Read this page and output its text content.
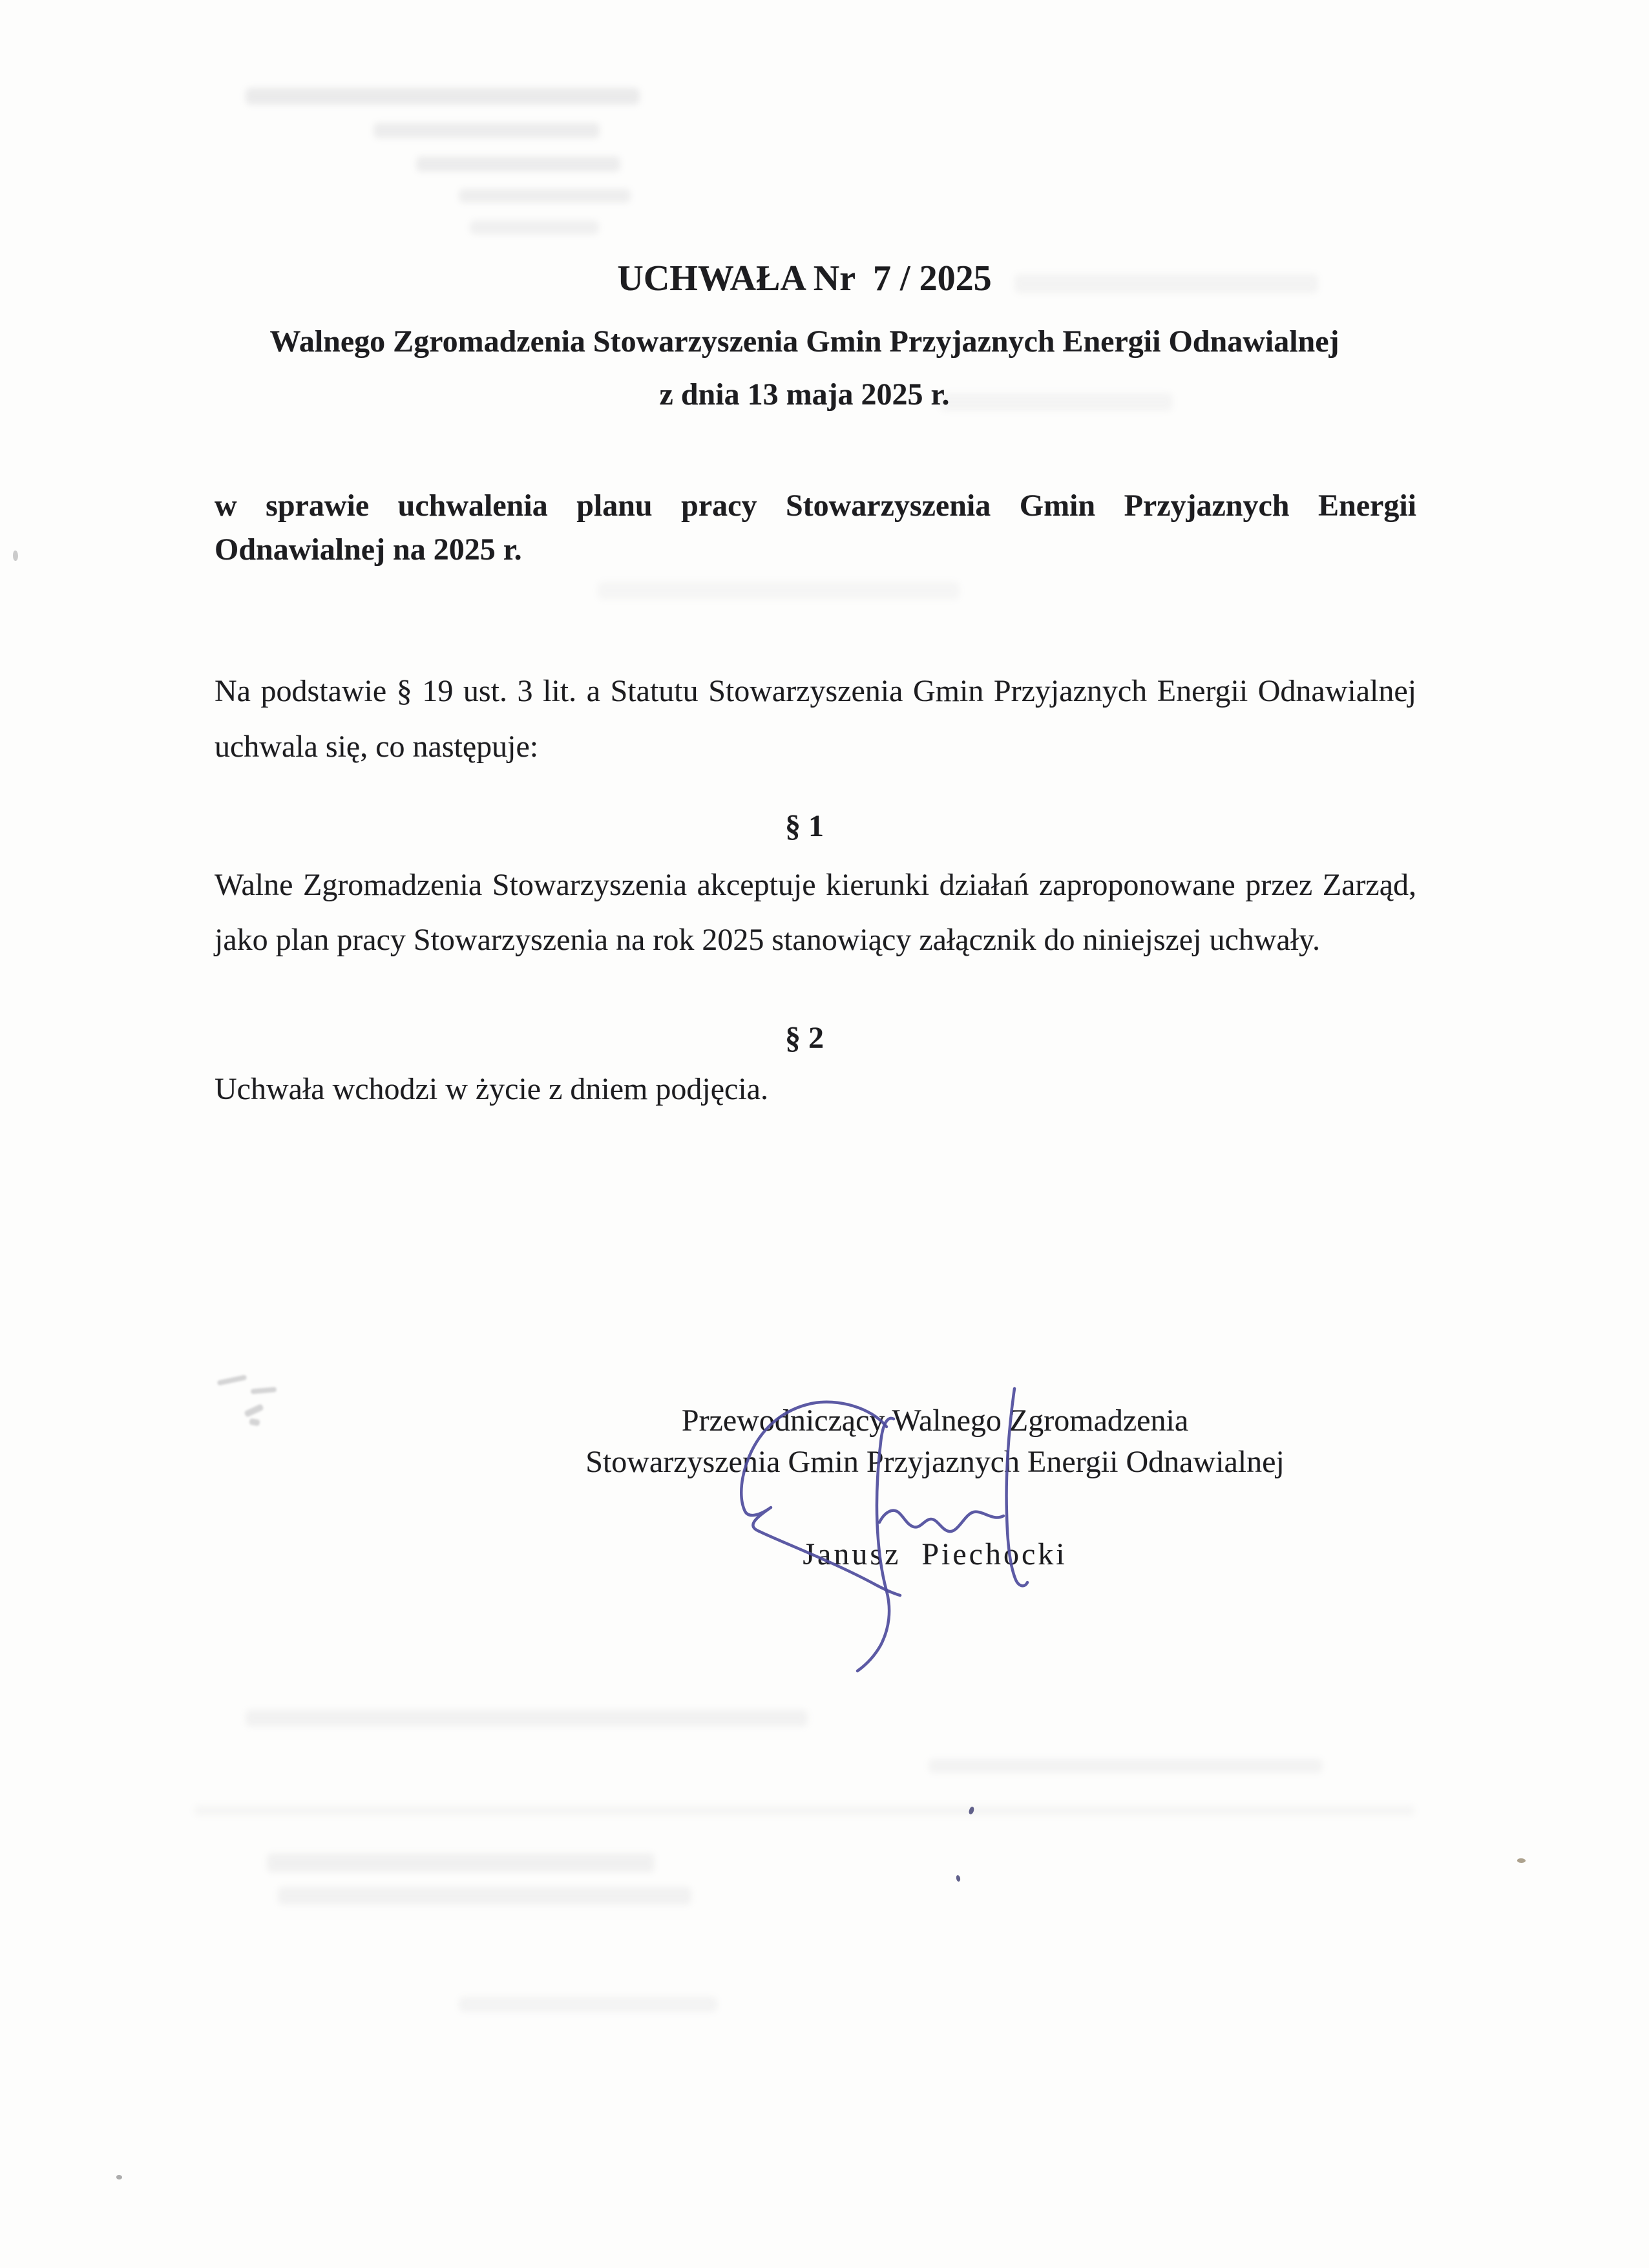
UCHWAŁA Nr  7 / 2025
Walnego Zgromadzenia Stowarzyszenia Gmin Przyjaznych Energii Odnawialnej
z dnia 13 maja 2025 r.
w sprawie uchwalenia planu pracy Stowarzyszenia Gmin Przyjaznych Energii Odnawialnej na 2025 r.
Na podstawie § 19 ust. 3 lit. a Statutu Stowarzyszenia Gmin Przyjaznych Energii Odnawialnej uchwala się, co następuje:
§ 1
Walne Zgromadzenia Stowarzyszenia akceptuje kierunki działań zaproponowane przez Zarząd, jako plan pracy Stowarzyszenia na rok 2025 stanowiący załącznik do niniejszej uchwały.
§ 2
Uchwała wchodzi w życie z dniem podjęcia.
Przewodniczący Walnego Zgromadzenia
Stowarzyszenia Gmin Przyjaznych Energii Odnawialnej
Janusz  Piechocki
